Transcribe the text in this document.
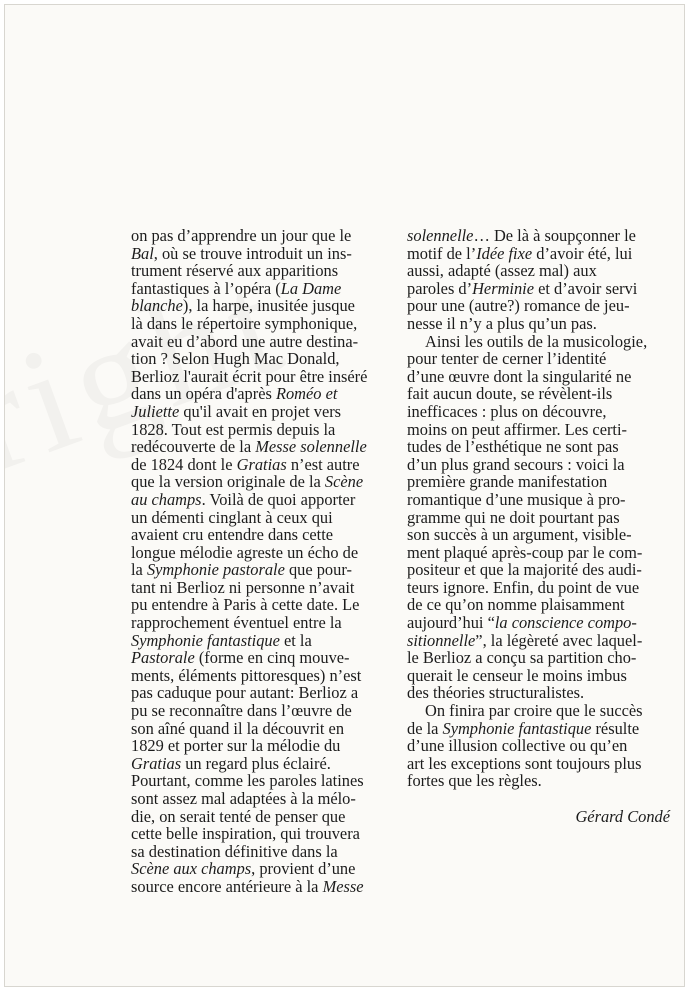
on pas d’apprendre un jour que le
Bal, où se trouve introduit un ins-
trument réservé aux apparitions
fantastiques à l’opéra (La Dame
blanche), la harpe, inusitée jusque
là dans le répertoire symphonique,
avait eu d’abord une autre destina-
tion ? Selon Hugh Mac Donald,
Berlioz l'aurait écrit pour être inséré
dans un opéra d'après Roméo et
Juliette qu'il avait en projet vers
1828. Tout est permis depuis la
redécouverte de la Messe solennelle
de 1824 dont le Gratias n’est autre
que la version originale de la Scène
au champs. Voilà de quoi apporter
un démenti cinglant à ceux qui
avaient cru entendre dans cette
longue mélodie agreste un écho de
la Symphonie pastorale que pour-
tant ni Berlioz ni personne n’avait
pu entendre à Paris à cette date. Le
rapprochement éventuel entre la
Symphonie fantastique et la
Pastorale (forme en cinq mouve-
ments, éléments pittoresques) n’est
pas caduque pour autant: Berlioz a
pu se reconnaître dans l’œuvre de
son aîné quand il la découvrit en
1829 et porter sur la mélodie du
Gratias un regard plus éclairé.
Pourtant, comme les paroles latines
sont assez mal adaptées à la mélo-
die, on serait tenté de penser que
cette belle inspiration, qui trouvera
sa destination définitive dans la
Scène aux champs, provient d’une
source encore antérieure à la Messe

solennelle… De là à soupçonner le
motif de l’Idée fixe d’avoir été, lui
aussi, adapté (assez mal) aux
paroles d’Herminie et d’avoir servi
pour une (autre?) romance de jeu-
nesse il n’y a plus qu’un pas.

Ainsi les outils de la musicologie,
pour tenter de cerner l’identité
d’une œuvre dont la singularité ne
fait aucun doute, se révèlent-ils
inefficaces : plus on découvre,
moins on peut affirmer. Les certi-
tudes de l’esthétique ne sont pas
d’un plus grand secours : voici la
première grande manifestation
romantique d’une musique à pro-
gramme qui ne doit pourtant pas
son succès à un argument, visible-
ment plaqué après-coup par le com-
positeur et que la majorité des audi-
teurs ignore. Enfin, du point de vue
de ce qu’on nomme plaisamment
aujourd’hui “la conscience compo-
sitionnelle”, la légèreté avec laquel-
le Berlioz a conçu sa partition cho-
querait le censeur le moins imbus
des théories structuralistes.

On finira par croire que le succès
de la Symphonie fantastique résulte
d’une illusion collective ou qu’en
art les exceptions sont toujours plus
fortes que les règles.

Gérard Condé
